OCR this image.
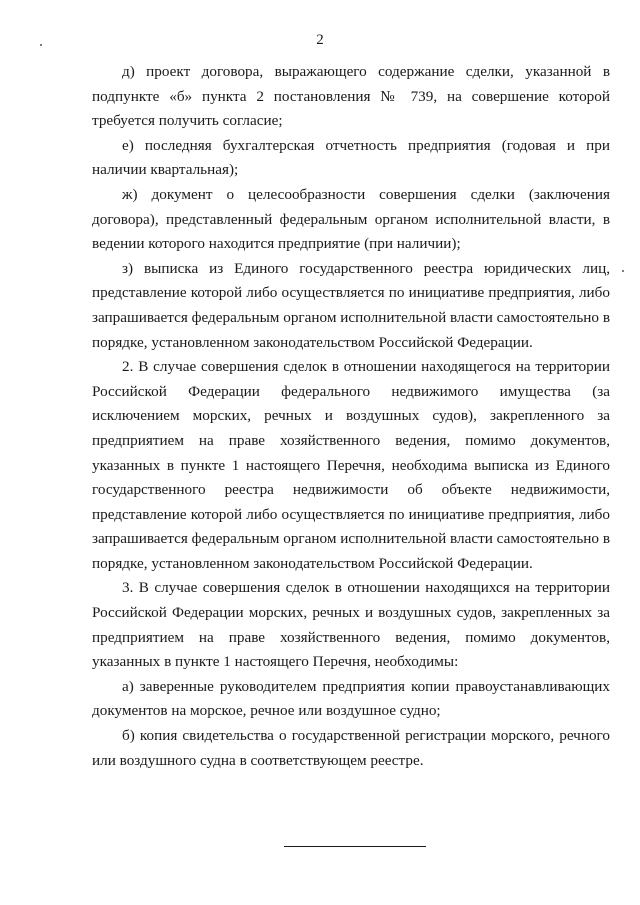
2

д) проект договора, выражающего содержание сделки, указанной в подпункте «б» пункта 2 постановления № 739, на совершение которой требуется получить согласие;

е) последняя бухгалтерская отчетность предприятия (годовая и при наличии квартальная);

ж) документ о целесообразности совершения сделки (заключения договора), представленный федеральным органом исполнительной власти, в ведении которого находится предприятие (при наличии);

з) выписка из Единого государственного реестра юридических лиц, представление которой либо осуществляется по инициативе предприятия, либо запрашивается федеральным органом исполнительной власти самостоятельно в порядке, установленном законодательством Российской Федерации.

2. В случае совершения сделок в отношении находящегося на территории Российской Федерации федерального недвижимого имущества (за исключением морских, речных и воздушных судов), закрепленного за предприятием на праве хозяйственного ведения, помимо документов, указанных в пункте 1 настоящего Перечня, необходима выписка из Единого государственного реестра недвижимости об объекте недвижимости, представление которой либо осуществляется по инициативе предприятия, либо запрашивается федеральным органом исполнительной власти самостоятельно в порядке, установленном законодательством Российской Федерации.

3. В случае совершения сделок в отношении находящихся на территории Российской Федерации морских, речных и воздушных судов, закрепленных за предприятием на праве хозяйственного ведения, помимо документов, указанных в пункте 1 настоящего Перечня, необходимы:

а) заверенные руководителем предприятия копии правоустанавливающих документов на морское, речное или воздушное судно;

б) копия свидетельства о государственной регистрации морского, речного или воздушного судна в соответствующем реестре.
